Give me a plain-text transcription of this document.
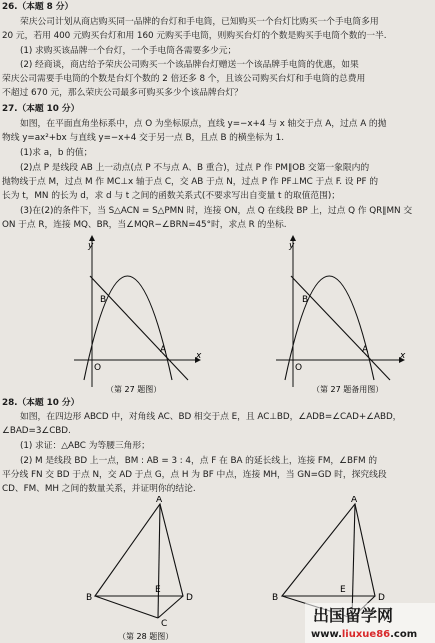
26.（本题 8 分）
荣庆公司计划从商店购买同一品牌的台灯和手电筒，已知购买一个台灯比购买一个手电筒多用
20 元，若用 400 元购买台灯和用 160 元购买手电筒，则购买台灯的个数是购买手电筒个数的一半.
(1) 求购买该品牌一个台灯，一个手电筒各需要多少元；
(2) 经商谈，商店给予荣庆公司购买一个该品牌台灯赠送一个该品牌手电筒的优惠，如果
荣庆公司需要手电筒的个数是台灯个数的 2 倍还多 8 个，且该公司购买台灯和手电筒的总费用
不超过 670 元，那么荣庆公司最多可购买多少个该品牌台灯？
27.（本题 10 分）
如图，在平面直角坐标系中，点 O 为坐标原点，直线 y=−x+4 与 x 轴交于点 A，过点 A 的抛
物线 y=ax²+bx 与直线 y=−x+4 交于另一点 B，且点 B 的横坐标为 1.
(1)求 a，b 的值；
(2)点 P 是线段 AB 上一动点(点 P 不与点 A、B 重合)，过点 P 作 PM∥OB 交第一象限内的
抛物线于点 M，过点 M 作 MC⊥x 轴于点 C，交 AB 于点 N，过点 P 作 PF⊥MC 于点 F. 设 PF 的
长为 t，MN 的长为 d，求 d 与 t 之间的函数关系式(不要求写出自变量 t 的取值范围)；
(3)在(2)的条件下，当 S△ACN = S△PMN 时，连接 ON，点 Q 在线段 BP 上，过点 Q 作 QR∥MN 交
ON 于点 R，连接 MQ、BR，当∠MQR−∠BRN=45°时，求点 R 的坐标.
y
x
O
A
B
y
x
O
A
B
（第 27 题图）	（第 27 题备用图）
28.（本题 10 分）
如图，在四边形 ABCD 中，对角线 AC、BD 相交于点 E，且 AC⊥BD，∠ADB=∠CAD+∠ABD，
∠BAD=3∠CBD.
(1) 求证：△ABC 为等腰三角形；
(2) M 是线段 BD 上一点，BM : AB = 3 : 4，点 F 在 BA 的延长线上，连接 FM，∠BFM 的
平分线 FN 交 BD 于点 N，交 AD 于点 G，点 H 为 BF 中点，连接 MH，当 GN=GD 时，探究线段
CD、FM、MH 之间的数量关系，并证明你的结论.
A
B	D
E
C
（第 28 题图）
A
B	D
E
出国留学网
www.liuxue86.com
